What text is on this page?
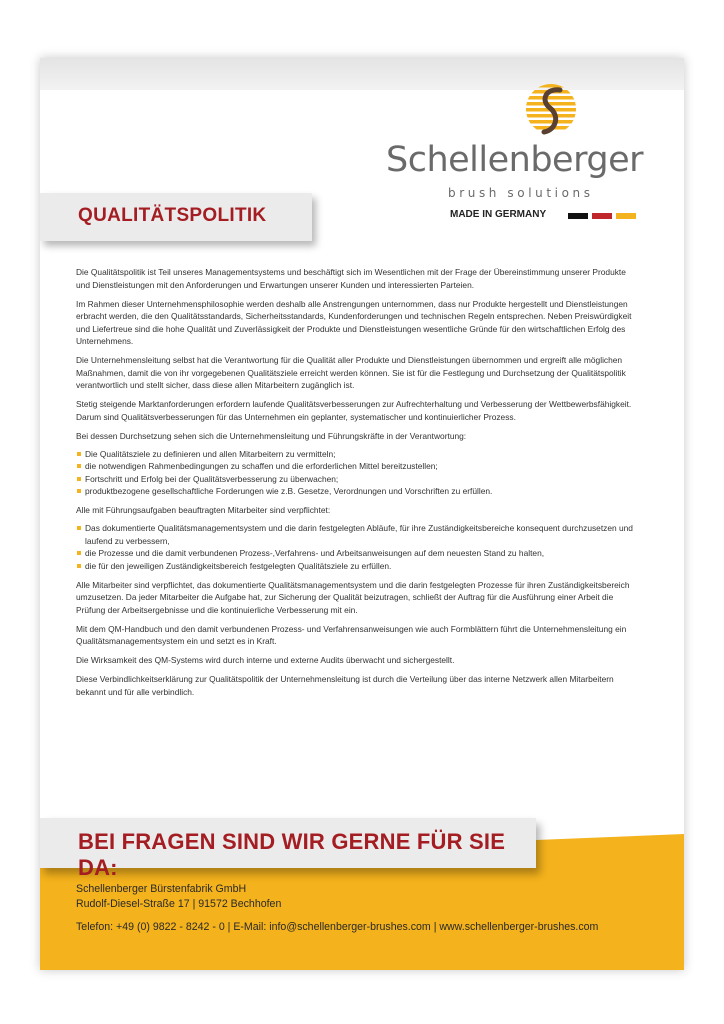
Schellenberger
brush solutions
QUALITÄTSPOLITIK	MADE IN GERMANY

Die Qualitätspolitik ist Teil unseres Managementsystems und beschäftigt sich im Wesentlichen mit der Frage der Übereinstimmung unserer Produkte und Dienstleistungen mit den Anforderungen und Erwartungen unserer Kunden und interessierten Parteien.

Im Rahmen dieser Unternehmensphilosophie werden deshalb alle Anstrengungen unternommen, dass nur Produkte hergestellt und Dienstleistungen erbracht werden, die den Qualitätsstandards, Sicherheitsstandards, Kundenforderungen und technischen Regeln entsprechen. Neben Preiswürdigkeit und Liefertreue sind die hohe Qualität und Zuverlässigkeit der Produkte und Dienstleistungen wesentliche Gründe für den wirtschaftlichen Erfolg des Unternehmens.

Die Unternehmensleitung selbst hat die Verantwortung für die Qualität aller Produkte und Dienstleistungen übernommen und ergreift alle möglichen Maßnahmen, damit die von ihr vorgegebenen Qualitätsziele erreicht werden können. Sie ist für die Festlegung und Durchsetzung der Qualitätspolitik verantwortlich und stellt sicher, dass diese allen Mitarbeitern zugänglich ist.

Stetig steigende Marktanforderungen erfordern laufende Qualitätsverbesserungen zur Aufrechterhaltung und Verbesserung der Wettbewerbsfähigkeit. Darum sind Qualitätsverbesserungen für das Unternehmen ein geplanter, systematischer und kontinuierlicher Prozess.

Bei dessen Durchsetzung sehen sich die Unternehmensleitung und Führungskräfte in der Verantwortung:

Die Qualitätsziele zu definieren und allen Mitarbeitern zu vermitteln;
die notwendigen Rahmenbedingungen zu schaffen und die erforderlichen Mittel bereitzustellen;
Fortschritt und Erfolg bei der Qualitätsverbesserung zu überwachen;
produktbezogene gesellschaftliche Forderungen wie z.B. Gesetze, Verordnungen und Vorschriften zu erfüllen.

Alle mit Führungsaufgaben beauftragten Mitarbeiter sind verpflichtet:

Das dokumentierte Qualitätsmanagementsystem und die darin festgelegten Abläufe, für ihre Zuständigkeitsbereiche konsequent durchzusetzen und laufend zu verbessern,
die Prozesse und die damit verbundenen Prozess-,Verfahrens- und Arbeitsanweisungen auf dem neuesten Stand zu halten,
die für den jeweiligen Zuständigkeitsbereich festgelegten Qualitätsziele zu erfüllen.

Alle Mitarbeiter sind verpflichtet, das dokumentierte Qualitätsmanagementsystem und die darin festgelegten Prozesse für ihren Zuständigkeitsbereich umzusetzen. Da jeder Mitarbeiter die Aufgabe hat, zur Sicherung der Qualität beizutragen, schließt der Auftrag für die Ausführung einer Arbeit die Prüfung der Arbeitsergebnisse und die kontinuierliche Verbesserung mit ein.

Mit dem QM-Handbuch und den damit verbundenen Prozess- und Verfahrensanweisungen wie auch Formblättern führt die Unternehmensleitung ein Qualitätsmanagementsystem ein und setzt es in Kraft.

Die Wirksamkeit des QM-Systems wird durch interne und externe Audits überwacht und sichergestellt.

Diese Verbindlichkeitserklärung zur Qualitätspolitik der Unternehmensleitung ist durch die Verteilung über das interne Netzwerk allen Mitarbeitern bekannt und für alle verbindlich.

BEI FRAGEN SIND WIR GERNE FÜR SIE DA:
Schellenberger Bürstenfabrik GmbH
Rudolf-Diesel-Straße 17 | 91572 Bechhofen
Telefon: +49 (0) 9822 - 8242 - 0 | E-Mail: info@schellenberger-brushes.com | www.schellenberger-brushes.com
